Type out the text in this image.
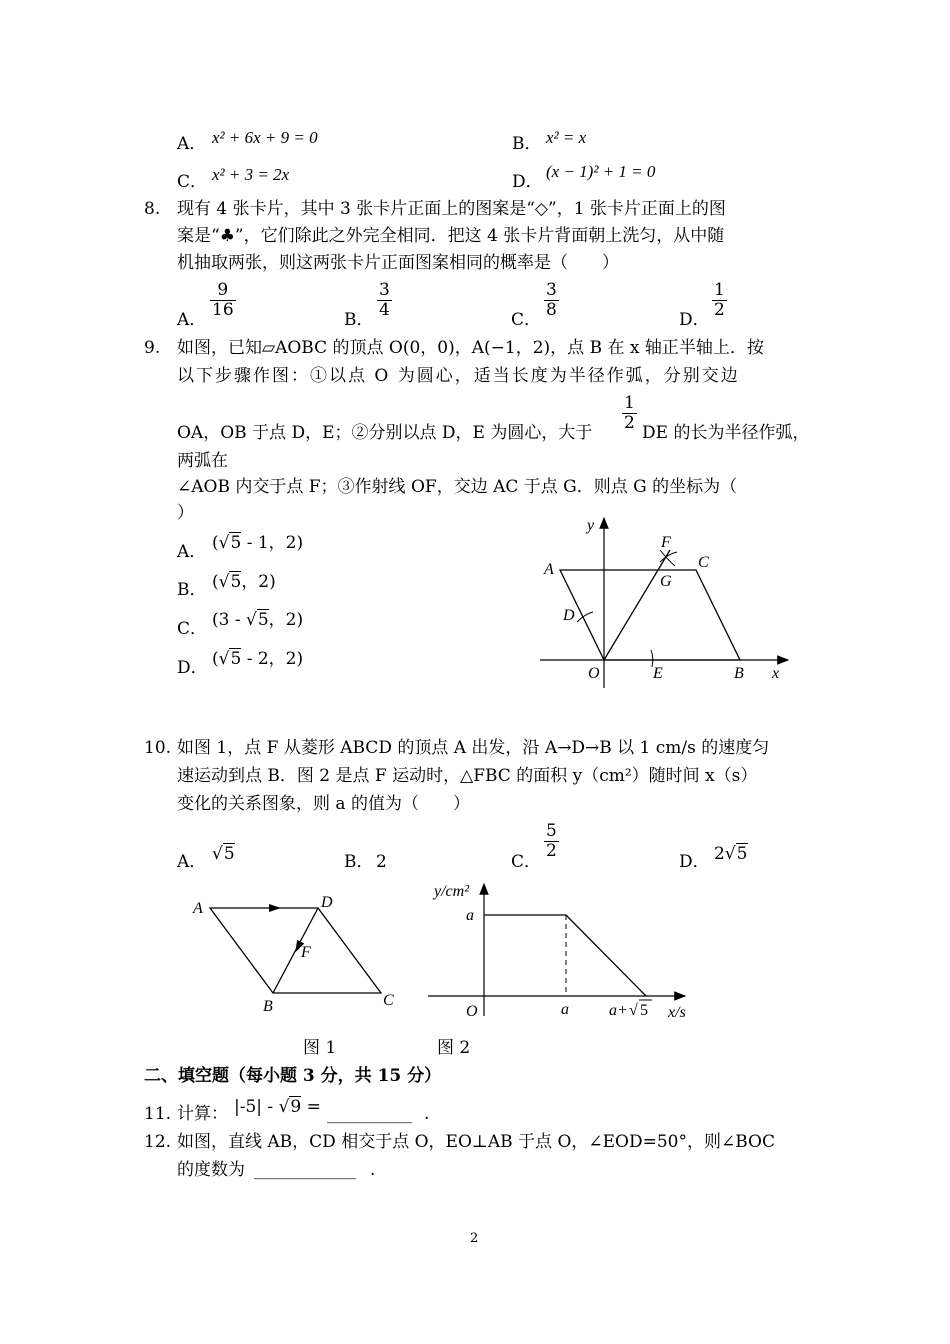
A． x² + 6x + 9 = 0	B． x² = x
C． x² + 3 = 2x	D．
(x − 1)² + 1 = 0
8. 现有 4 张卡片，其中 3 张卡片正面上的图案是“◇”，1 张卡片正面上的图
案是“♣”，它们除此之外完全相同．把这 4 张卡片背面朝上洗匀，从中随
机抽取两张，则这两张卡片正面图案相同的概率是（　　）
A．
$\frac{9}{16}$
B．
$\frac{3}{4}$
C．
$\frac{3}{8}$
D．
$\frac{1}{2}$
9. 如图，已知▱AOBC 的顶点 O(0，0)，A(−1，2)，点 B 在 x 轴正半轴上．按
以下步骤作图：①以点 O 为圆心，适当长度为半径作弧，分别交边
OA，OB 于点 D，E；②分别以点 D，E 为圆心，大于
$\frac{1}{2}$
DE 的长为半径作弧，
两弧在
∠AOB 内交于点 F；③作射线 OF，交边 AC 于点 G．则点 G 的坐标为（
）
A． (√5 - 1，2)
B． (√5，2)
C． (3 - √5，2)
D． (√5 - 2，2)
y
x
A	C
F
G
D
O	E	B
10. 如图 1，点 F 从菱形 ABCD 的顶点 A 出发，沿 A→D→B 以 1 cm/s 的速度匀
速运动到点 B．图 2 是点 F 运动时，△FBC 的面积 y（cm²）随时间 x（s）
变化的关系图象，则 a 的值为（　　）
A． √5	B． 2	C．
$\frac{5}{2}$
D． 2√5
A	D
F
B	C
y/cm²
a
O	a	a+ √ 5 x/s
图 1	图 2
二、填空题（每小题 3 分，共 15 分）
11. 计算： |-5| - √9 = __________ .
12. 如图，直线 AB，CD 相交于点 O，EO⊥AB 于点 O，∠EOD=50°，则∠BOC
的度数为 ____________ .
2
